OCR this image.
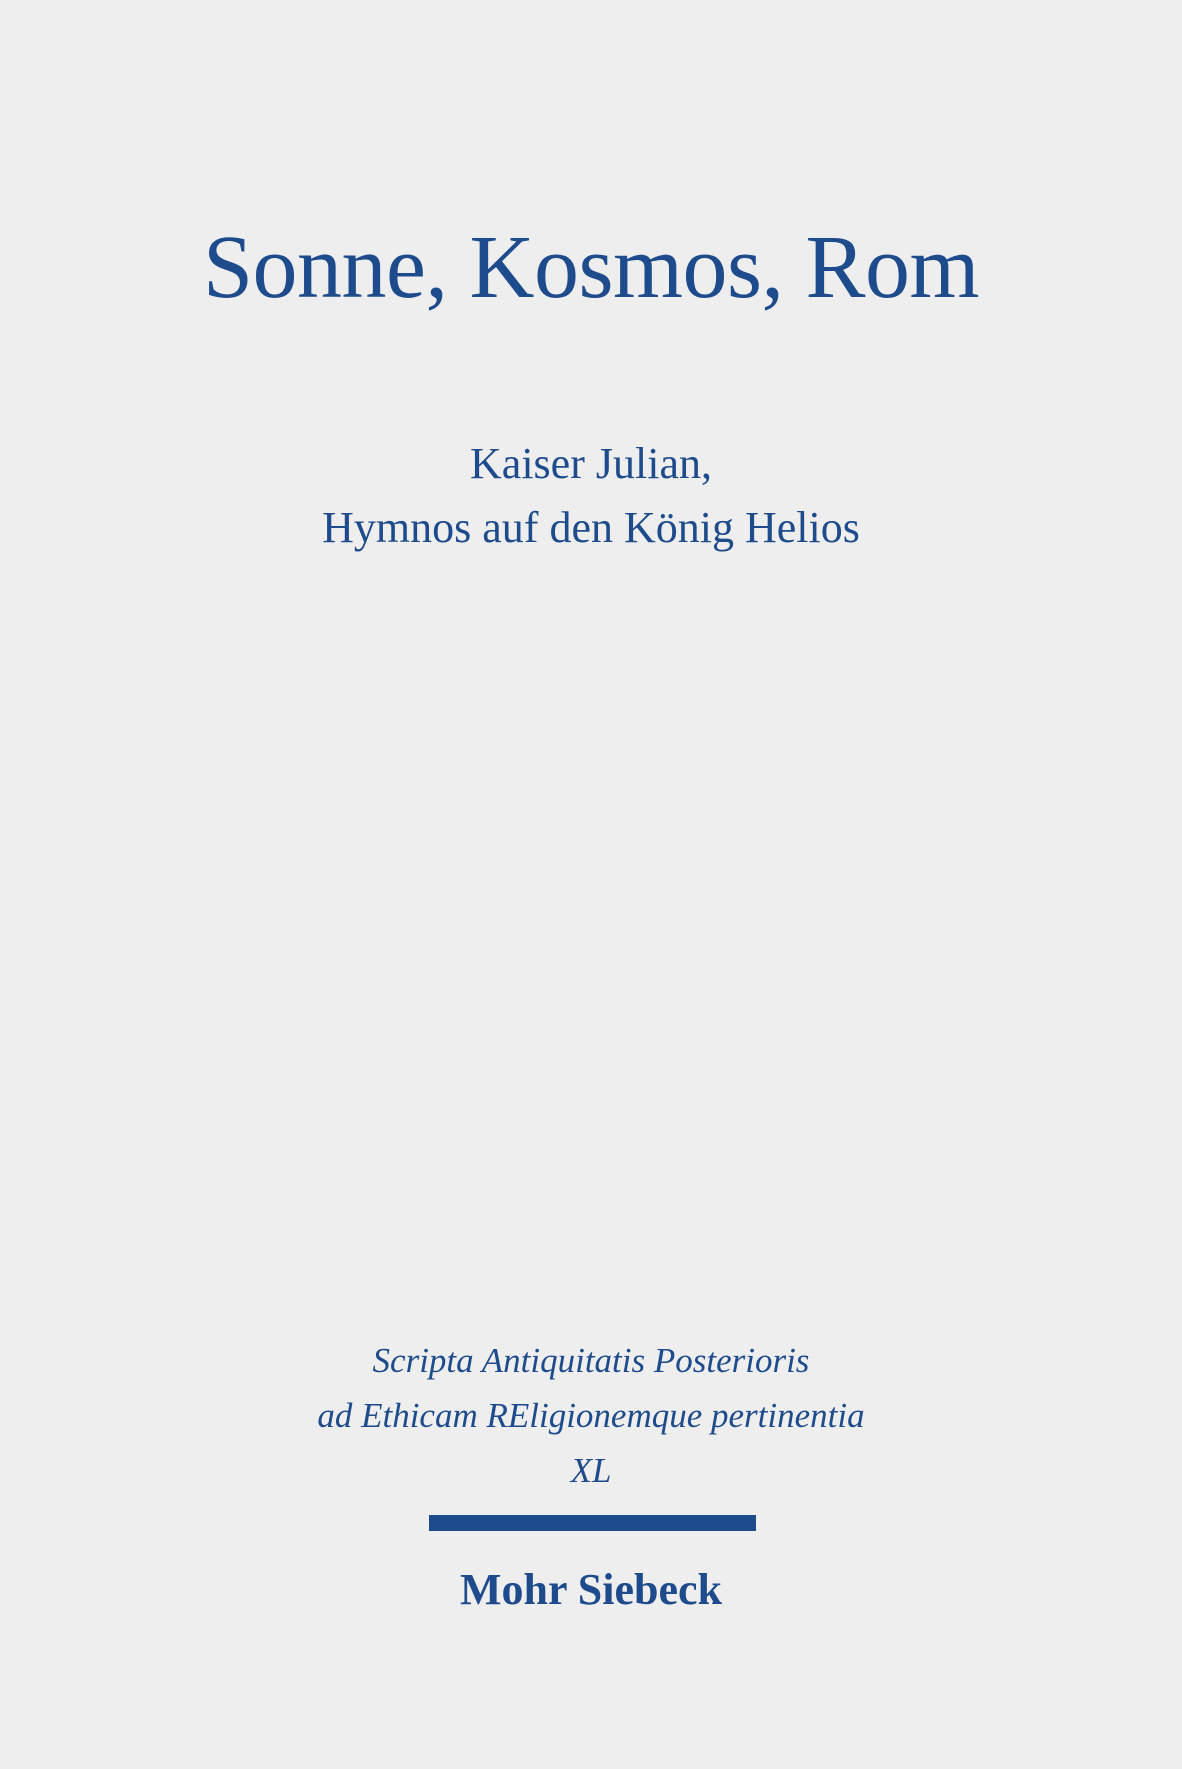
Sonne, Kosmos, Rom
Kaiser Julian,
Hymnos auf den König Helios
Scripta Antiquitatis Posterioris
ad Ethicam REligionemque pertinentia
XL
Mohr Siebeck
